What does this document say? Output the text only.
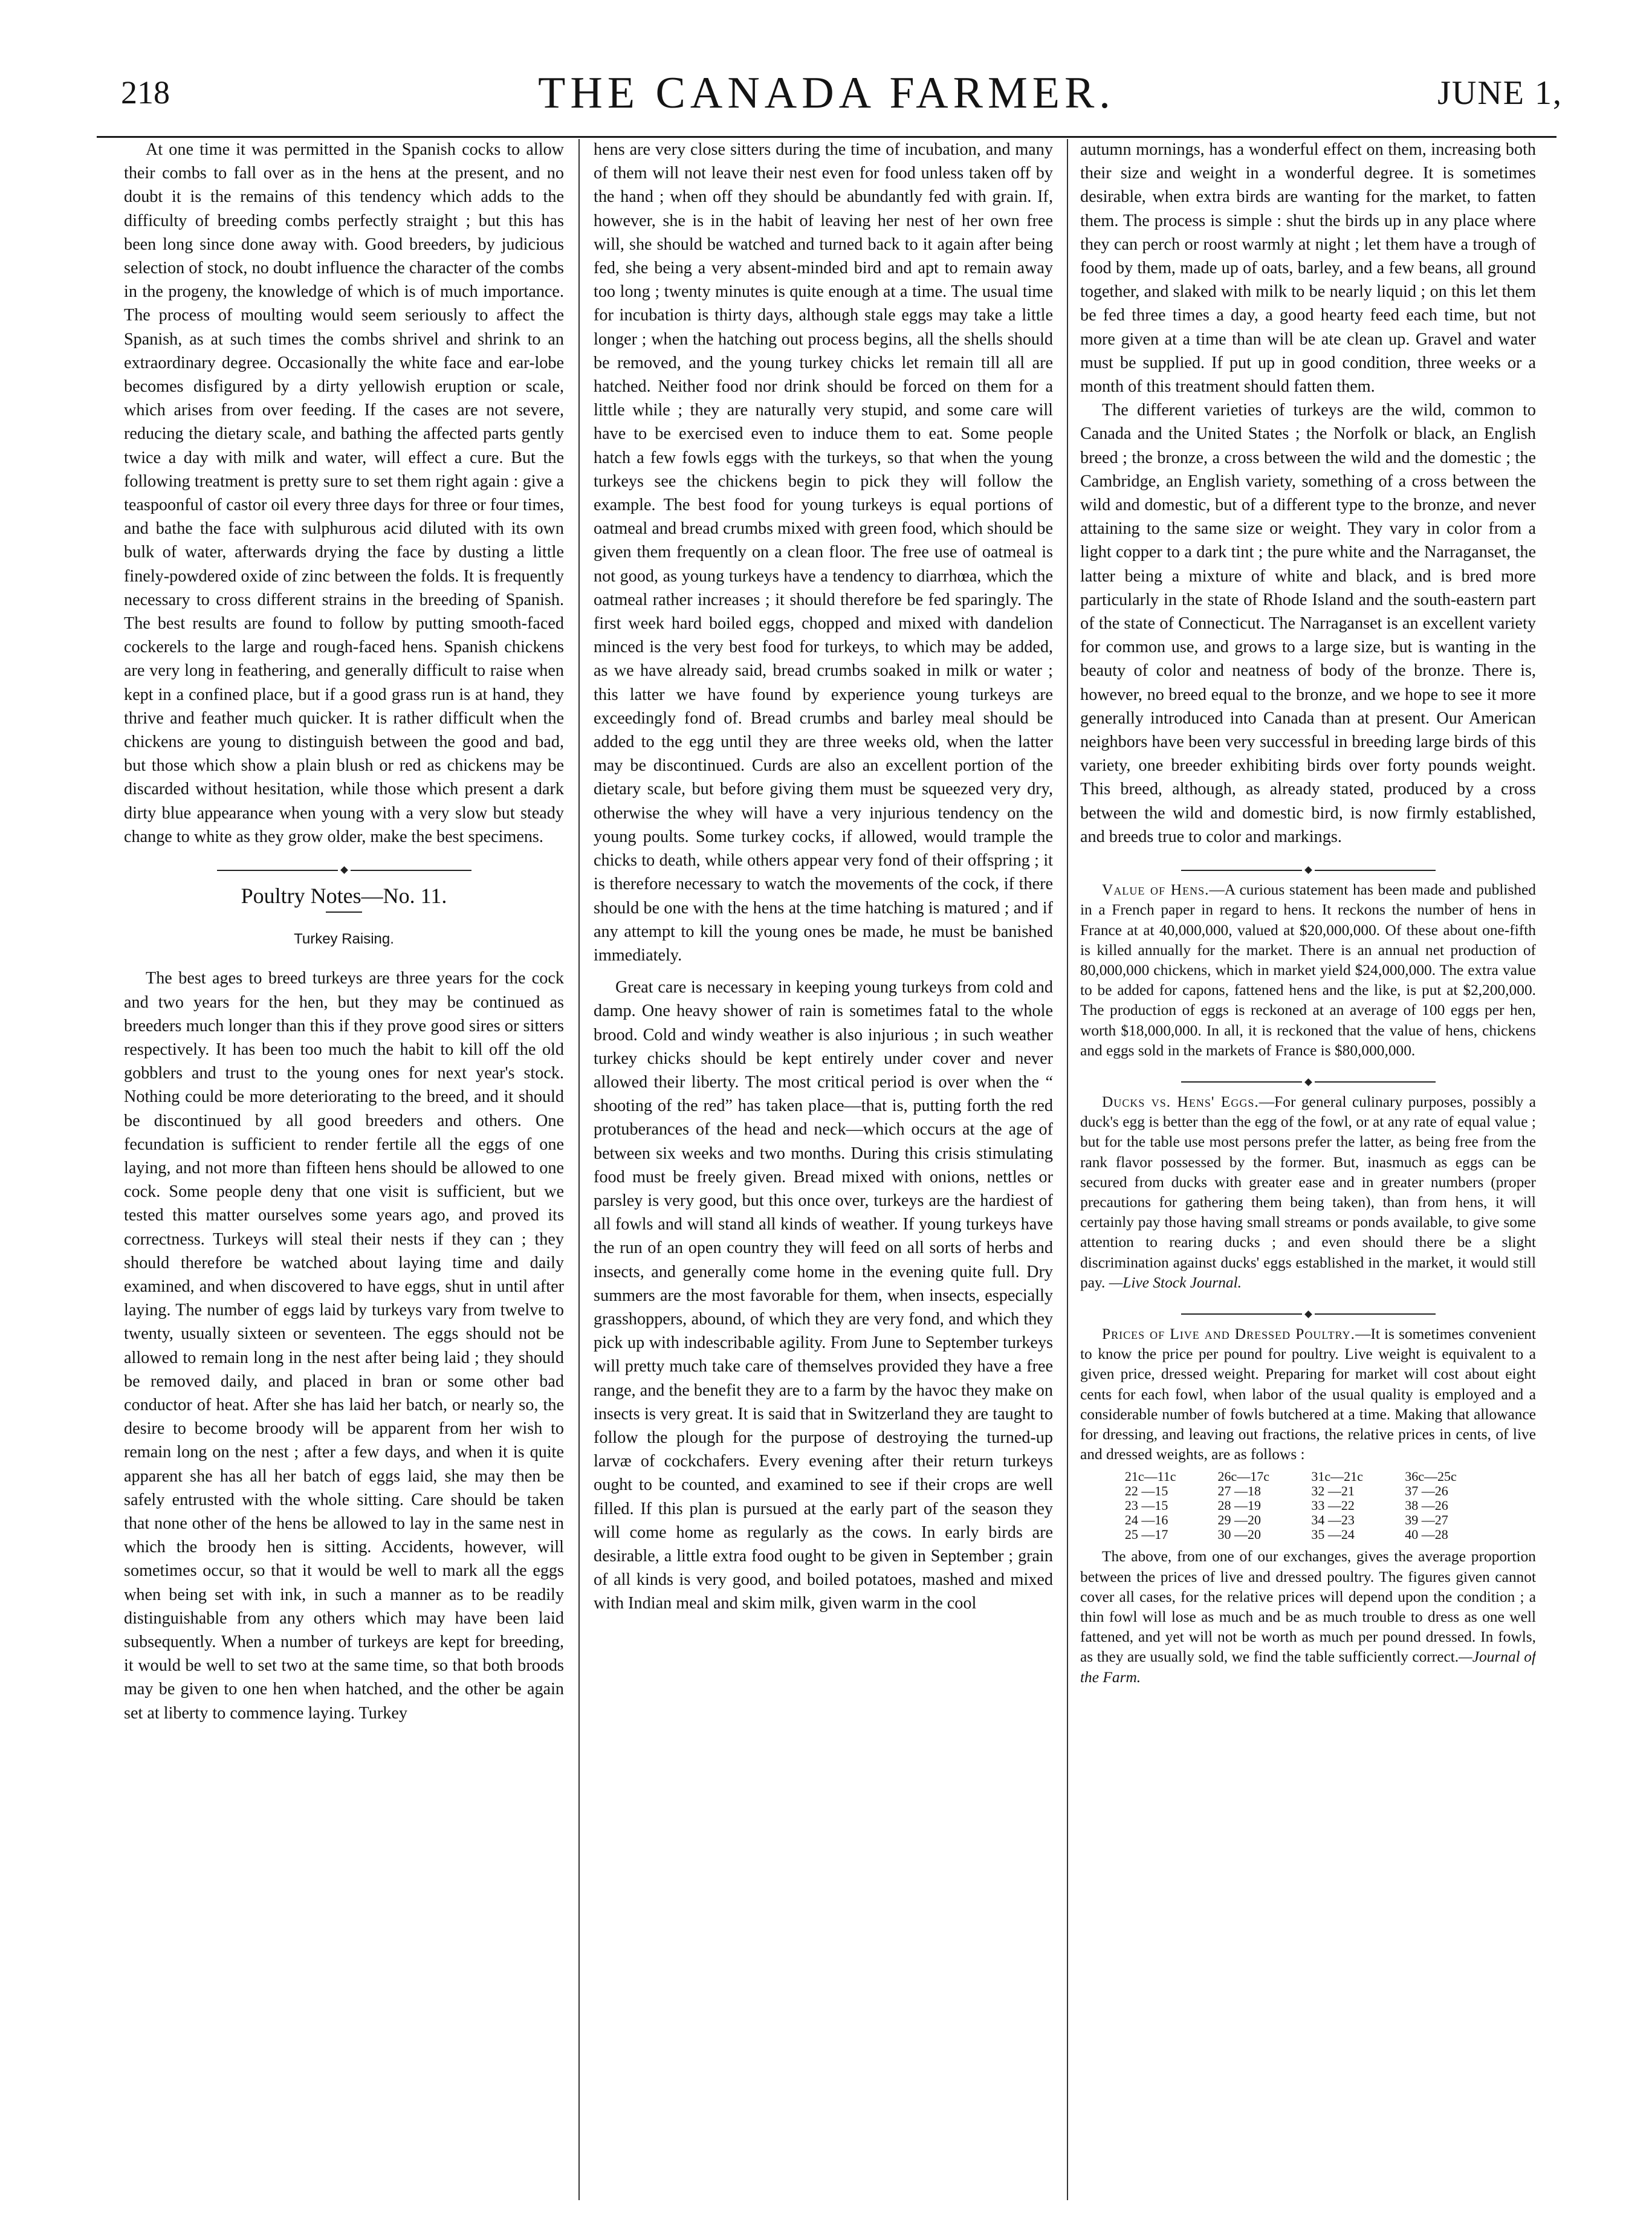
218	THE CANADA FARMER.	JUNE 1,

At one time it was permitted in the Spanish cocks to allow their combs to fall over as in the hens at the present, and no doubt it is the remains of this tendency which adds to the difficulty of breeding combs perfectly straight ; but this has been long since done away with. Good breeders, by judicious selection of stock, no doubt influence the character of the combs in the progeny, the knowledge of which is of much importance. The process of moulting would seem seriously to affect the Spanish, as at such times the combs shrivel and shrink to an extraordinary degree. Occasionally the white face and ear-lobe becomes disfigured by a dirty yellowish eruption or scale, which arises from over feeding. If the cases are not severe, reducing the dietary scale, and bathing the affected parts gently twice a day with milk and water, will effect a cure. But the following treatment is pretty sure to set them right again : give a teaspoonful of castor oil every three days for three or four times, and bathe the face with sulphurous acid diluted with its own bulk of water, afterwards drying the face by dusting a little finely-powdered oxide of zinc between the folds. It is frequently necessary to cross different strains in the breeding of Spanish. The best results are found to follow by putting smooth-faced cockerels to the large and rough-faced hens. Spanish chickens are very long in feathering, and generally difficult to raise when kept in a confined place, but if a good grass run is at hand, they thrive and feather much quicker. It is rather difficult when the chickens are young to distinguish between the good and bad, but those which show a plain blush or red as chickens may be discarded without hesitation, while those which present a dark dirty blue appearance when young with a very slow but steady change to white as they grow older, make the best specimens.

Poultry Notes—No. 11.
Turkey Raising.

The best ages to breed turkeys are three years for the cock and two years for the hen, but they may be continued as breeders much longer than this if they prove good sires or sitters respectively. It has been too much the habit to kill off the old gobblers and trust to the young ones for next year's stock. Nothing could be more deteriorating to the breed, and it should be discontinued by all good breeders and others. One fecundation is sufficient to render fertile all the eggs of one laying, and not more than fifteen hens should be allowed to one cock. Some people deny that one visit is sufficient, but we tested this matter ourselves some years ago, and proved its correctness. Turkeys will steal their nests if they can ; they should therefore be watched about laying time and daily examined, and when discovered to have eggs, shut in until after laying. The number of eggs laid by turkeys vary from twelve to twenty, usually sixteen or seventeen. The eggs should not be allowed to remain long in the nest after being laid ; they should be removed daily, and placed in bran or some other bad conductor of heat. After she has laid her batch, or nearly so, the desire to become broody will be apparent from her wish to remain long on the nest ; after a few days, and when it is quite apparent she has all her batch of eggs laid, she may then be safely entrusted with the whole sitting. Care should be taken that none other of the hens be allowed to lay in the same nest in which the broody hen is sitting. Accidents, however, will sometimes occur, so that it would be well to mark all the eggs when being set with ink, in such a manner as to be readily distinguishable from any others which may have been laid subsequently. When a number of turkeys are kept for breeding, it would be well to set two at the same time, so that both broods may be given to one hen when hatched, and the other be again set at liberty to commence laying. Turkey

hens are very close sitters during the time of incubation, and many of them will not leave their nest even for food unless taken off by the hand ; when off they should be abundantly fed with grain. If, however, she is in the habit of leaving her nest of her own free will, she should be watched and turned back to it again after being fed, she being a very absent-minded bird and apt to remain away too long ; twenty minutes is quite enough at a time. The usual time for incubation is thirty days, although stale eggs may take a little longer ; when the hatching out process begins, all the shells should be removed, and the young turkey chicks let remain till all are hatched. Neither food nor drink should be forced on them for a little while ; they are naturally very stupid, and some care will have to be exercised even to induce them to eat. Some people hatch a few fowls eggs with the turkeys, so that when the young turkeys see the chickens begin to pick they will follow the example. The best food for young turkeys is equal portions of oatmeal and bread crumbs mixed with green food, which should be given them frequently on a clean floor. The free use of oatmeal is not good, as young turkeys have a tendency to diarrhœa, which the oatmeal rather increases ; it should therefore be fed sparingly. The first week hard boiled eggs, chopped and mixed with dandelion minced is the very best food for turkeys, to which may be added, as we have already said, bread crumbs soaked in milk or water ; this latter we have found by experience young turkeys are exceedingly fond of. Bread crumbs and barley meal should be added to the egg until they are three weeks old, when the latter may be discontinued. Curds are also an excellent portion of the dietary scale, but before giving them must be squeezed very dry, otherwise the whey will have a very injurious tendency on the young poults. Some turkey cocks, if allowed, would trample the chicks to death, while others appear very fond of their offspring ; it is therefore necessary to watch the movements of the cock, if there should be one with the hens at the time hatching is matured ; and if any attempt to kill the young ones be made, he must be banished immediately.

Great care is necessary in keeping young turkeys from cold and damp. One heavy shower of rain is sometimes fatal to the whole brood. Cold and windy weather is also injurious ; in such weather turkey chicks should be kept entirely under cover and never allowed their liberty. The most critical period is over when the “ shooting of the red” has taken place—that is, putting forth the red protuberances of the head and neck—which occurs at the age of between six weeks and two months. During this crisis stimulating food must be freely given. Bread mixed with onions, nettles or parsley is very good, but this once over, turkeys are the hardiest of all fowls and will stand all kinds of weather. If young turkeys have the run of an open country they will feed on all sorts of herbs and insects, and generally come home in the evening quite full. Dry summers are the most favorable for them, when insects, especially grasshoppers, abound, of which they are very fond, and which they pick up with indescribable agility. From June to September turkeys will pretty much take care of themselves provided they have a free range, and the benefit they are to a farm by the havoc they make on insects is very great. It is said that in Switzerland they are taught to follow the plough for the purpose of destroying the turned-up larvæ of cockchafers. Every evening after their return turkeys ought to be counted, and examined to see if their crops are well filled. If this plan is pursued at the early part of the season they will come home as regularly as the cows. In early birds are desirable, a little extra food ought to be given in September ; grain of all kinds is very good, and boiled potatoes, mashed and mixed with Indian meal and skim milk, given warm in the cool

autumn mornings, has a wonderful effect on them, increasing both their size and weight in a wonderful degree. It is sometimes desirable, when extra birds are wanting for the market, to fatten them. The process is simple : shut the birds up in any place where they can perch or roost warmly at night ; let them have a trough of food by them, made up of oats, barley, and a few beans, all ground together, and slaked with milk to be nearly liquid ; on this let them be fed three times a day, a good hearty feed each time, but not more given at a time than will be ate clean up. Gravel and water must be supplied. If put up in good condition, three weeks or a month of this treatment should fatten them.

The different varieties of turkeys are the wild, common to Canada and the United States ; the Norfolk or black, an English breed ; the bronze, a cross between the wild and the domestic ; the Cambridge, an English variety, something of a cross between the wild and domestic, but of a different type to the bronze, and never attaining to the same size or weight. They vary in color from a light copper to a dark tint ; the pure white and the Narraganset, the latter being a mixture of white and black, and is bred more particularly in the state of Rhode Island and the south-eastern part of the state of Connecticut. The Narraganset is an excellent variety for common use, and grows to a large size, but is wanting in the beauty of color and neatness of body of the bronze. There is, however, no breed equal to the bronze, and we hope to see it more generally introduced into Canada than at present. Our American neighbors have been very successful in breeding large birds of this variety, one breeder exhibiting birds over forty pounds weight. This breed, although, as already stated, produced by a cross between the wild and domestic bird, is now firmly established, and breeds true to color and markings.

Value of Hens.—A curious statement has been made and published in a French paper in regard to hens. It reckons the number of hens in France at at 40,000,000, valued at $20,000,000. Of these about one-fifth is killed annually for the market. There is an annual net production of 80,000,000 chickens, which in market yield $24,000,000. The extra value to be added for capons, fattened hens and the like, is put at $2,200,000. The production of eggs is reckoned at an average of 100 eggs per hen, worth $18,000,000. In all, it is reckoned that the value of hens, chickens and eggs sold in the markets of France is $80,000,000.

Ducks vs. Hens' Eggs.—For general culinary purposes, possibly a duck's egg is better than the egg of the fowl, or at any rate of equal value ; but for the table use most persons prefer the latter, as being free from the rank flavor possessed by the former. But, inasmuch as eggs can be secured from ducks with greater ease and in greater numbers (proper precautions for gathering them being taken), than from hens, it will certainly pay those having small streams or ponds available, to give some attention to rearing ducks ; and even should there be a slight discrimination against ducks' eggs established in the market, it would still pay. —Live Stock Journal.

Prices of Live and Dressed Poultry.—It is sometimes convenient to know the price per pound for poultry. Live weight is equivalent to a given price, dressed weight. Preparing for market will cost about eight cents for each fowl, when labor of the usual quality is employed and a considerable number of fowls butchered at a time. Making that allowance for dressing, and leaving out fractions, the relative prices in cents, of live and dressed weights, are as follows :

21c—11c	26c—17c	31c—21c	36c—25c
22 —15	27 —18	32 —21	37 —26
23 —15	28 —19	33 —22	38 —26
24 —16	29 —20	34 —23	39 —27
25 —17	30 —20	35 —24	40 —28

The above, from one of our exchanges, gives the average proportion between the prices of live and dressed poultry. The figures given cannot cover all cases, for the relative prices will depend upon the condition ; a thin fowl will lose as much and be as much trouble to dress as one well fattened, and yet will not be worth as much per pound dressed. In fowls, as they are usually sold, we find the table sufficiently correct.—Journal of the Farm.
